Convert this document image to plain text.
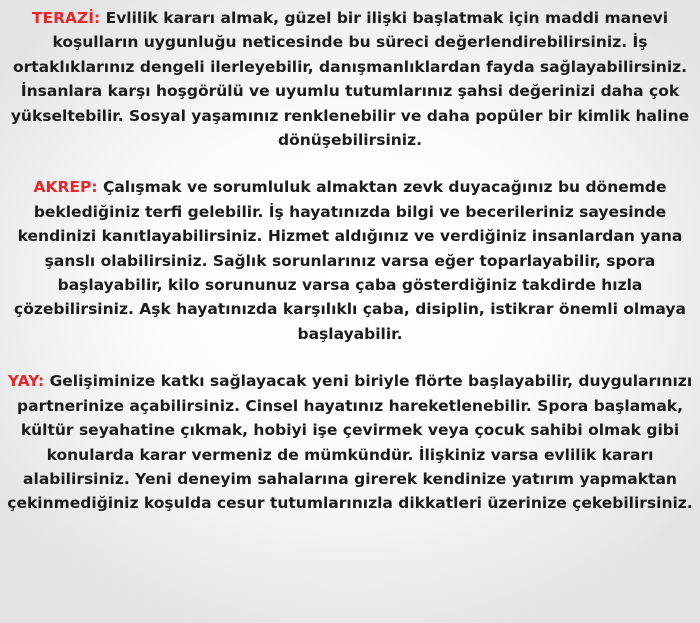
TERAZİ: Evlilik kararı almak, güzel bir ilişki başlatmak için maddi manevi koşulların uygunluğu neticesinde bu süreci değerlendirebilirsiniz. İş ortaklıklarınız dengeli ilerleyebilir, danışmanlıklardan fayda sağlayabilirsiniz. İnsanlara karşı hoşgörülü ve uyumlu tutumlarınız şahsi değerinizi daha çok yükseltebilir. Sosyal yaşamınız renklenebilir ve daha popüler bir kimlik haline dönüşebilirsiniz.

AKREP: Çalışmak ve sorumluluk almaktan zevk duyacağınız bu dönemde beklediğiniz terfi gelebilir. İş hayatınızda bilgi ve becerileriniz sayesinde kendinizi kanıtlayabilirsiniz. Hizmet aldığınız ve verdiğiniz insanlardan yana şanslı olabilirsiniz. Sağlık sorunlarınız varsa eğer toparlayabilir, spora başlayabilir, kilo sorununuz varsa çaba gösterdiğiniz takdirde hızla çözebilirsiniz. Aşk hayatınızda karşılıklı çaba, disiplin, istikrar önemli olmaya başlayabilir.

YAY: Gelişiminize katkı sağlayacak yeni biriyle flörte başlayabilir, duygularınızı partnerinize açabilirsiniz. Cinsel hayatınız hareketlenebilir. Spora başlamak, kültür seyahatine çıkmak, hobiyi işe çevirmek veya çocuk sahibi olmak gibi konularda karar vermeniz de mümkündür. İlişkiniz varsa evlilik kararı alabilirsiniz. Yeni deneyim sahalarına girerek kendinize yatırım yapmaktan çekinmediğiniz koşulda cesur tutumlarınızla dikkatleri üzerinize çekebilirsiniz.
